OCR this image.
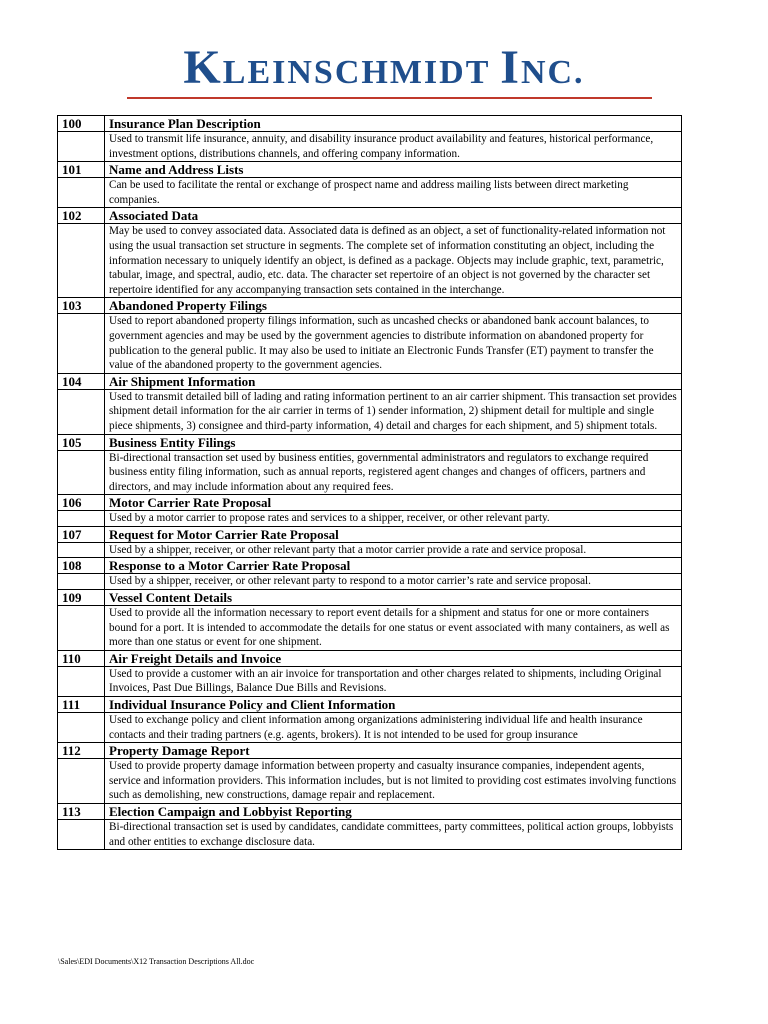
KLEINSCHMIDT INC.
100	Insurance Plan Description
	Used to transmit life insurance, annuity, and disability insurance product availability and features, historical performance, investment options, distributions channels, and offering company information.
101	Name and Address Lists
	Can be used to facilitate the rental or exchange of prospect name and address mailing lists between direct marketing companies.
102	Associated Data
	May be used to convey associated data. Associated data is defined as an object, a set of functionality-related information not using the usual transaction set structure in segments. The complete set of information constituting an object, including the information necessary to uniquely identify an object, is defined as a package. Objects may include graphic, text, parametric, tabular, image, and spectral, audio, etc. data. The character set repertoire of an object is not governed by the character set repertoire identified for any accompanying transaction sets contained in the interchange.
103	Abandoned Property Filings
	Used to report abandoned property filings information, such as uncashed checks or abandoned bank account balances, to government agencies and may be used by the government agencies to distribute information on abandoned property for publication to the general public. It may also be used to initiate an Electronic Funds Transfer (ET) payment to transfer the value of the abandoned property to the government agencies.
104	Air Shipment Information
	Used to transmit detailed bill of lading and rating information pertinent to an air carrier shipment. This transaction set provides shipment detail information for the air carrier in terms of 1) sender information, 2) shipment detail for multiple and single piece shipments, 3) consignee and third-party information, 4) detail and charges for each shipment, and 5) shipment totals.
105	Business Entity Filings
	Bi-directional transaction set used by business entities, governmental administrators and regulators to exchange required business entity filing information, such as annual reports, registered agent changes and changes of officers, partners and directors, and may include information about any required fees.
106	Motor Carrier Rate Proposal
	Used by a motor carrier to propose rates and services to a shipper, receiver, or other relevant party.
107	Request for Motor Carrier Rate Proposal
	Used by a shipper, receiver, or other relevant party that a motor carrier provide a rate and service proposal.
108	Response to a Motor Carrier Rate Proposal
	Used by a shipper, receiver, or other relevant party to respond to a motor carrier’s rate and service proposal.
109	Vessel Content Details
	Used to provide all the information necessary to report event details for a shipment and status for one or more containers bound for a port. It is intended to accommodate the details for one status or event associated with many containers, as well as more than one status or event for one shipment.
110	Air Freight Details and Invoice
	Used to provide a customer with an air invoice for transportation and other charges related to shipments, including Original Invoices, Past Due Billings, Balance Due Bills and Revisions.
111	Individual Insurance Policy and Client Information
	Used to exchange policy and client information among organizations administering individual life and health insurance contacts and their trading partners (e.g. agents, brokers). It is not intended to be used for group insurance
112	Property Damage Report
	Used to provide property damage information between property and casualty insurance companies, independent agents, service and information providers. This information includes, but is not limited to providing cost estimates involving functions such as demolishing, new constructions, damage repair and replacement.
113	Election Campaign and Lobbyist Reporting
	Bi-directional transaction set is used by candidates, candidate committees, party committees, political action groups, lobbyists and other entities to exchange disclosure data.
\Sales\EDI Documents\X12 Transaction Descriptions All.doc
